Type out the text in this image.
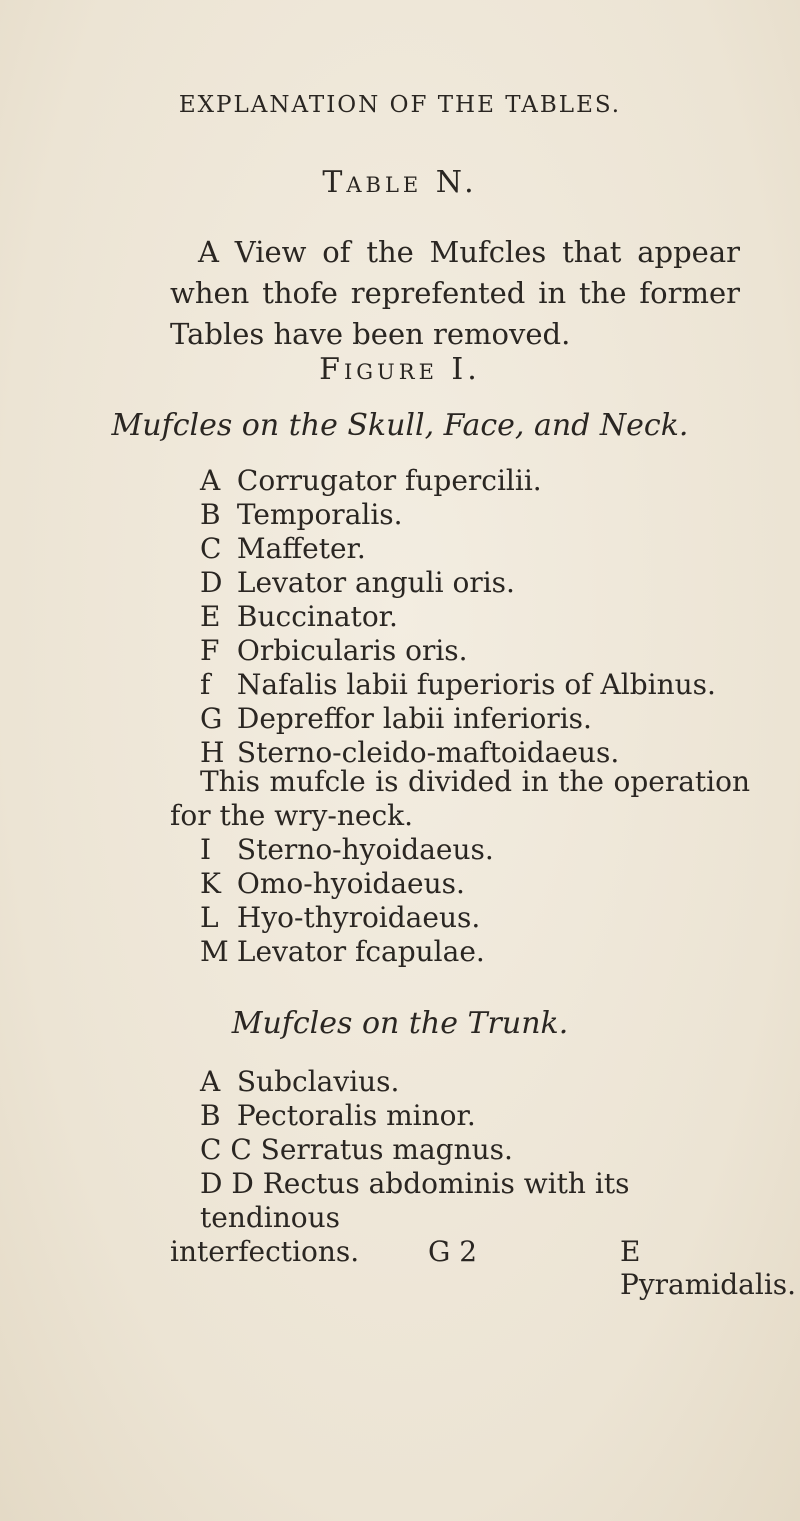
EXPLANATION OF THE TABLES.
Table N.
A View of the Mufcles that appear when thofe reprefented in the former Tables have been removed.
Figure I.
Mufcles on the Skull, Face, and Neck.
A Corrugator fupercilii.
B Temporalis.
C Maffeter.
D Levator anguli oris.
E Buccinator.
F Orbicularis oris.
f Nafalis labii fuperioris of Albinus.
G Depreffor labii inferioris.
H Sterno-cleido-maftoidaeus.
This mufcle is divided in the operation for the wry-neck.
I Sterno-hyoidaeus.
K Omo-hyoidaeus.
L Hyo-thyroidaeus.
M Levator fcapulae.
Mufcles on the Trunk.
A Subclavius.
B Pectoralis minor.
C C Serratus magnus.
D D Rectus abdominis with its tendinous
interfections.	G 2	E Pyramidalis.
